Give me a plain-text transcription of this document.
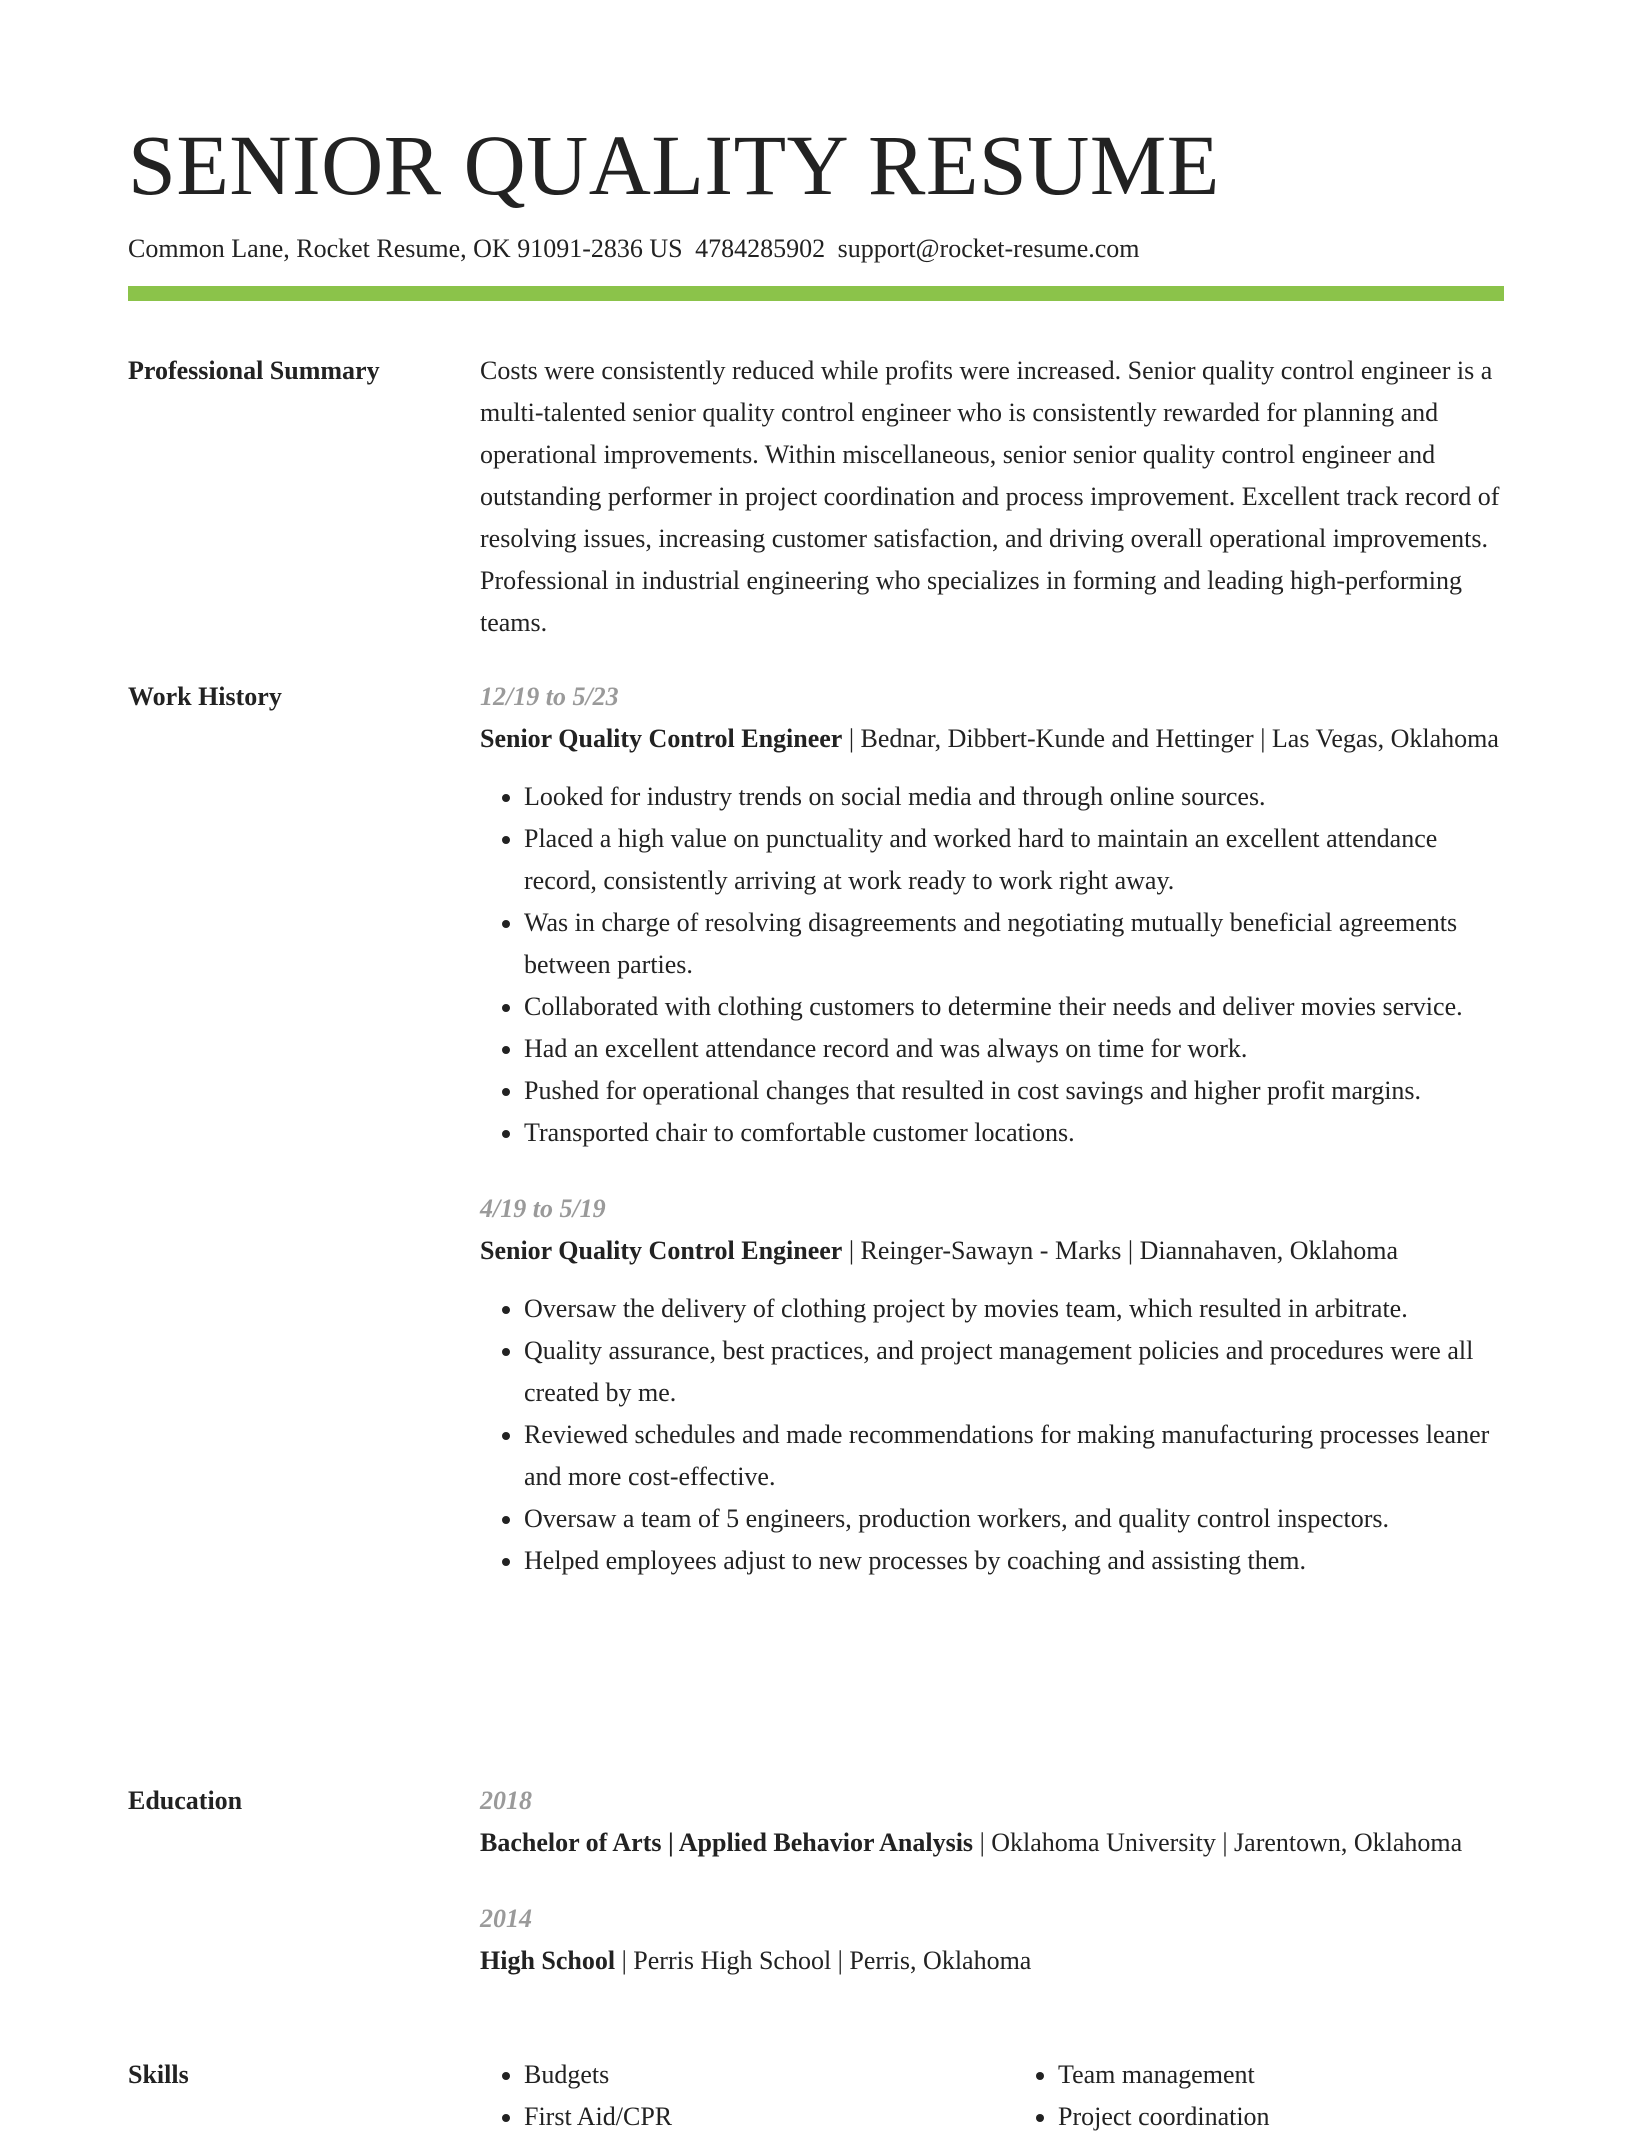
SENIOR QUALITY RESUME
Common Lane, Rocket Resume, OK 91091-2836 US 4784285902 support@rocket-resume.com
Professional Summary	Costs were consistently reduced while profits were increased. Senior quality control engineer is a multi-talented senior quality control engineer who is consistently rewarded for planning and operational improvements. Within miscellaneous, senior senior quality control engineer and outstanding performer in project coordination and process improvement. Excellent track record of resolving issues, increasing customer satisfaction, and driving overall operational improvements. Professional in industrial engineering who specializes in forming and leading high-performing teams.

Work History	12/19 to 5/23
Senior Quality Control Engineer | Bednar, Dibbert-Kunde and Hettinger | Las Vegas, Oklahoma
• Looked for industry trends on social media and through online sources.
• Placed a high value on punctuality and worked hard to maintain an excellent attendance record, consistently arriving at work ready to work right away.
• Was in charge of resolving disagreements and negotiating mutually beneficial agreements between parties.
• Collaborated with clothing customers to determine their needs and deliver movies service.
• Had an excellent attendance record and was always on time for work.
• Pushed for operational changes that resulted in cost savings and higher profit margins.
• Transported chair to comfortable customer locations.
4/19 to 5/19
Senior Quality Control Engineer | Reinger-Sawayn - Marks | Diannahaven, Oklahoma
• Oversaw the delivery of clothing project by movies team, which resulted in arbitrate.
• Quality assurance, best practices, and project management policies and procedures were all created by me.
• Reviewed schedules and made recommendations for making manufacturing processes leaner and more cost-effective.
• Oversaw a team of 5 engineers, production workers, and quality control inspectors.
• Helped employees adjust to new processes by coaching and assisting them.
Education	2018
Bachelor of Arts | Applied Behavior Analysis | Oklahoma University | Jarentown, Oklahoma
2014
High School | Perris High School | Perris, Oklahoma
Skills
•	Budgets
• First Aid/CPR
• Team management
• Project coordination
